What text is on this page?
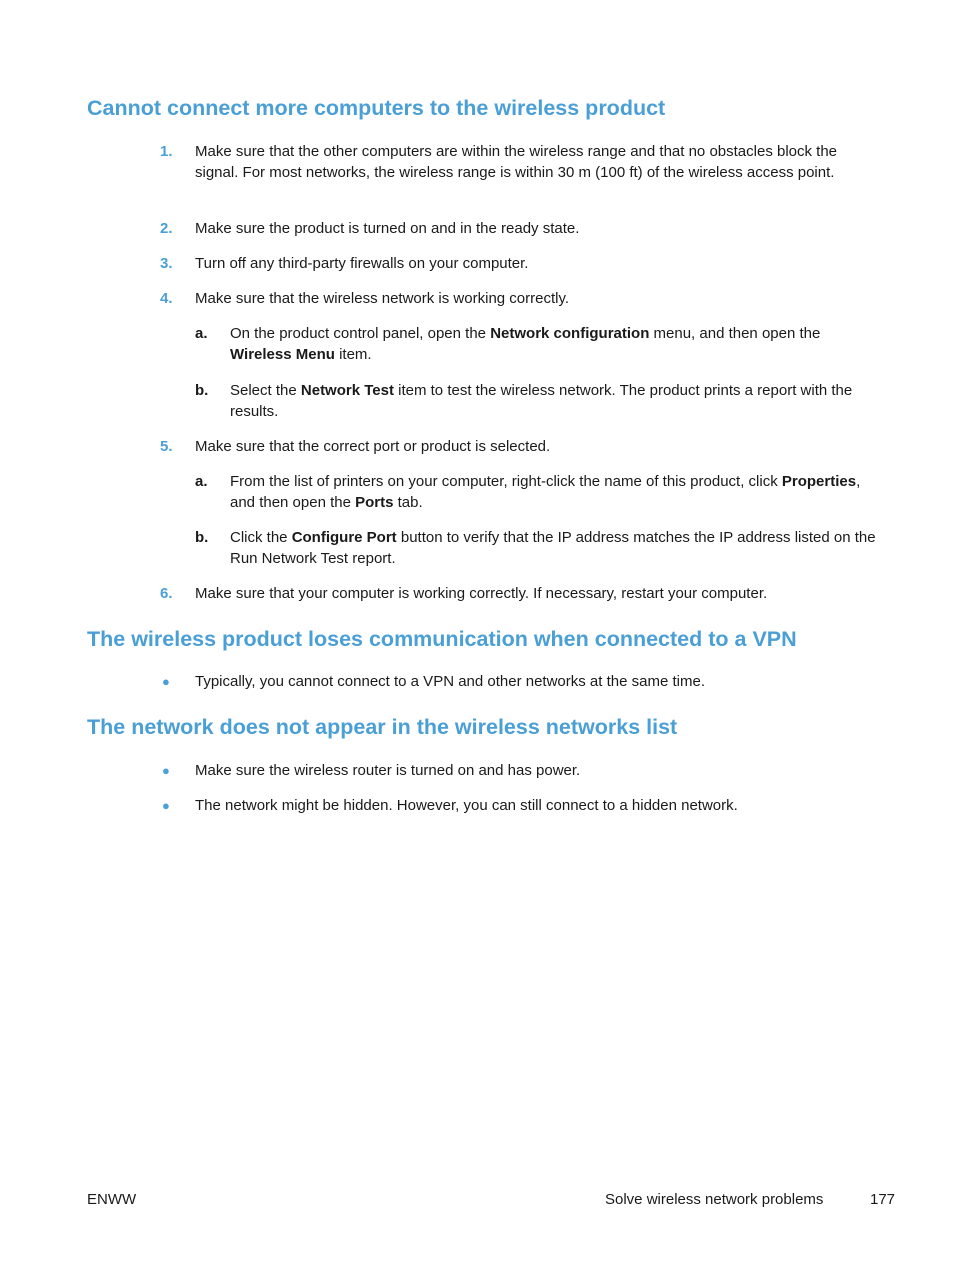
Cannot connect more computers to the wireless product
1. Make sure that the other computers are within the wireless range and that no obstacles block the signal. For most networks, the wireless range is within 30 m (100 ft) of the wireless access point.
2. Make sure the product is turned on and in the ready state.
3. Turn off any third-party firewalls on your computer.
4. Make sure that the wireless network is working correctly.
a. On the product control panel, open the Network configuration menu, and then open the Wireless Menu item.
b. Select the Network Test item to test the wireless network. The product prints a report with the results.
5. Make sure that the correct port or product is selected.
a. From the list of printers on your computer, right-click the name of this product, click Properties, and then open the Ports tab.
b. Click the Configure Port button to verify that the IP address matches the IP address listed on the Run Network Test report.
6. Make sure that your computer is working correctly. If necessary, restart your computer.
The wireless product loses communication when connected to a VPN
● Typically, you cannot connect to a VPN and other networks at the same time.
The network does not appear in the wireless networks list
● Make sure the wireless router is turned on and has power.
● The network might be hidden. However, you can still connect to a hidden network.
ENWW	Solve wireless network problems	177
